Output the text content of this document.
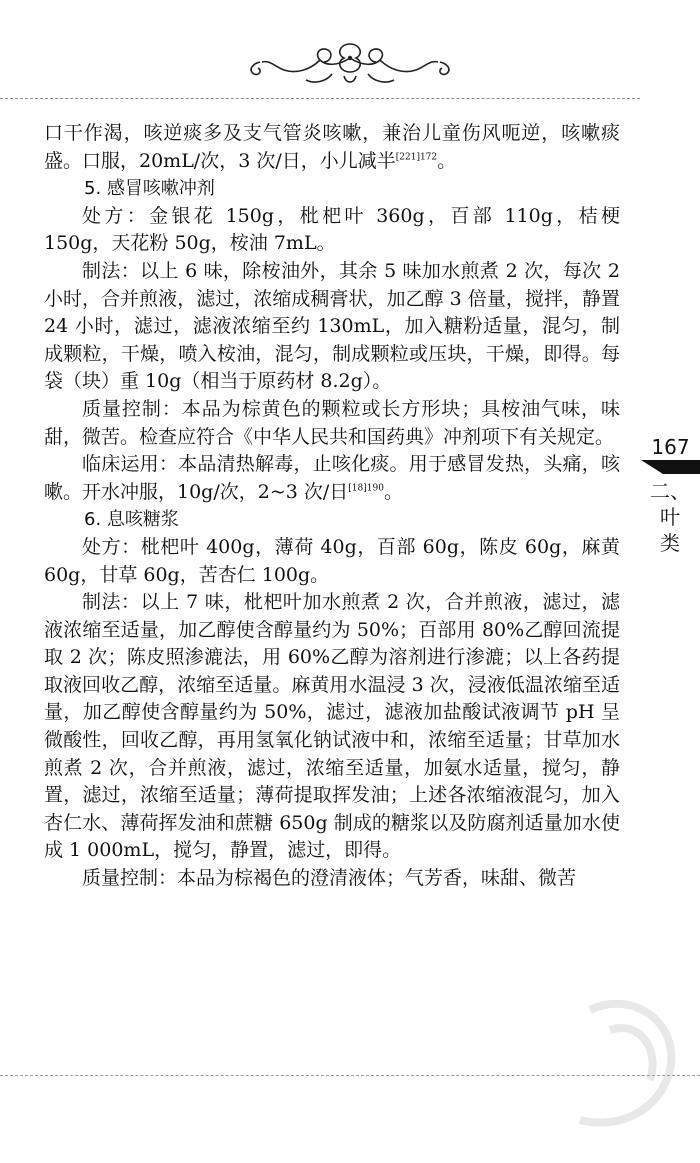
口干作渴，咳逆痰多及支气管炎咳嗽，兼治儿童伤风呃逆，咳嗽痰盛。口服，20mL/次，3 次/日，小儿减半$^{[221]172}$。

5. 感冒咳嗽冲剂

处方：金银花 150g，枇杷叶 360g，百部 110g，桔梗 150g，天花粉 50g，桉油 7mL。

制法：以上 6 味，除桉油外，其余 5 味加水煎煮 2 次，每次 2 小时，合并煎液，滤过，浓缩成稠膏状，加乙醇 3 倍量，搅拌，静置 24 小时，滤过，滤液浓缩至约 130mL，加入糖粉适量，混匀，制成颗粒，干燥，喷入桉油，混匀，制成颗粒或压块，干燥，即得。每袋（块）重 10g（相当于原药材 8.2g）。

质量控制：本品为棕黄色的颗粒或长方形块；具桉油气味，味甜，微苦。检查应符合《中华人民共和国药典》冲剂项下有关规定。

临床运用：本品清热解毒，止咳化痰。用于感冒发热，头痛，咳嗽。开水冲服，10g/次，2~3 次/日$^{[18]190}$。

6. 息咳糖浆

处方：枇杷叶 400g，薄荷 40g，百部 60g，陈皮 60g，麻黄 60g，甘草 60g，苦杏仁 100g。

制法：以上 7 味，枇杷叶加水煎煮 2 次，合并煎液，滤过，滤液浓缩至适量，加乙醇使含醇量约为 50%；百部用 80%乙醇回流提取 2 次；陈皮照渗漉法，用 60%乙醇为溶剂进行渗漉；以上各药提取液回收乙醇，浓缩至适量。麻黄用水温浸 3 次，浸液低温浓缩至适量，加乙醇使含醇量约为 50%，滤过，滤液加盐酸试液调节 pH 呈微酸性，回收乙醇，再用氢氧化钠试液中和，浓缩至适量；甘草加水煎煮 2 次，合并煎液，滤过，浓缩至适量，加氨水适量，搅匀，静置，滤过，浓缩至适量；薄荷提取挥发油；上述各浓缩液混匀，加入杏仁水、薄荷挥发油和蔗糖 650g 制成的糖浆以及防腐剂适量加水使成 1 000mL，搅匀，静置，滤过，即得。

质量控制：本品为棕褐色的澄清液体；气芳香，味甜、微苦

167
二、
叶
类
